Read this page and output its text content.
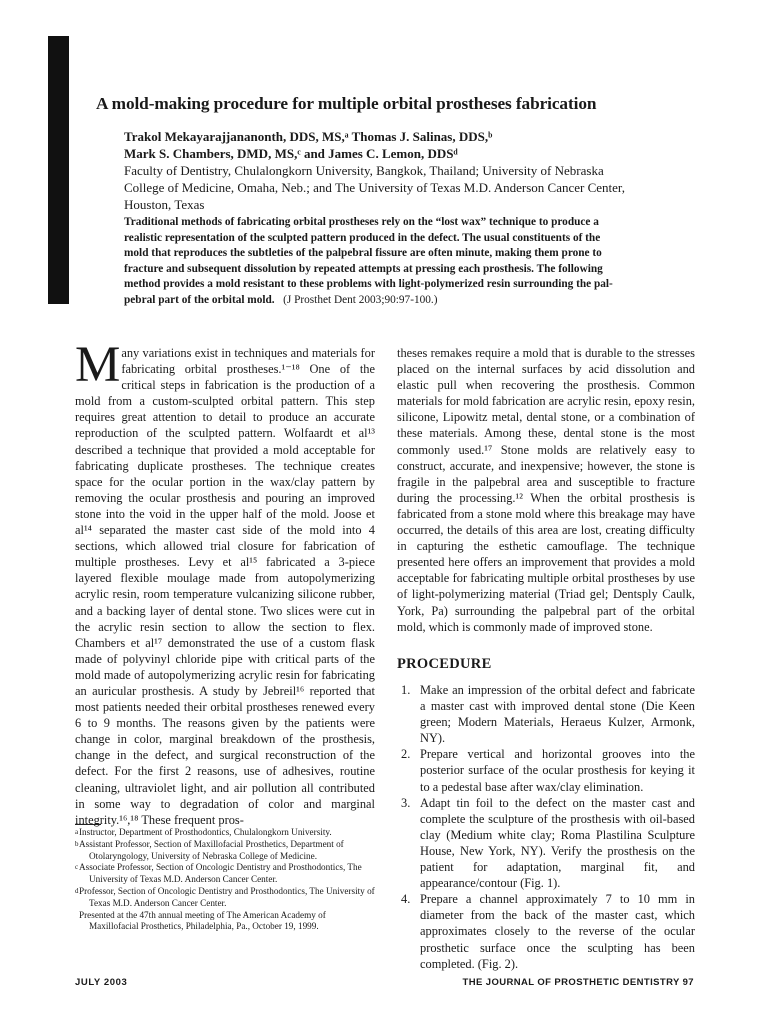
A mold-making procedure for multiple orbital prostheses fabrication
Trakol Mekayarajjananonth, DDS, MS,ᵃ Thomas J. Salinas, DDS,ᵇ
Mark S. Chambers, DMD, MS,ᶜ and James C. Lemon, DDSᵈ
Faculty of Dentistry, Chulalongkorn University, Bangkok, Thailand; University of Nebraska
College of Medicine, Omaha, Neb.; and The University of Texas M.D. Anderson Cancer Center,
Houston, Texas
Traditional methods of fabricating orbital prostheses rely on the “lost wax” technique to produce a
realistic representation of the sculpted pattern produced in the defect. The usual constituents of the
mold that reproduces the subtleties of the palpebral fissure are often minute, making them prone to
fracture and subsequent dissolution by repeated attempts at pressing each prosthesis. The following
method provides a mold resistant to these problems with light-polymerized resin surrounding the pal-
pebral part of the orbital mold. (J Prosthet Dent 2003;90:97-100.)

Many variations exist in techniques and materials for fabricating orbital prostheses.¹⁻¹⁸ One of the critical steps in fabrication is the production of a mold from a custom-sculpted orbital pattern. This step requires great attention to detail to produce an accurate reproduction of the sculpted pattern. Wolfaardt et al¹³ described a technique that provided a mold acceptable for fabricating duplicate prostheses. The technique creates space for the ocular portion in the wax/clay pattern by removing the ocular prosthesis and pouring an improved stone into the void in the upper half of the mold. Joose et al¹⁴ separated the master cast side of the mold into 4 sections, which allowed trial closure for fabrication of multiple prostheses. Levy et al¹⁵ fabricated a 3-piece layered flexible moulage made from autopolymerizing acrylic resin, room temperature vulcanizing silicone rubber, and a backing layer of dental stone. Two slices were cut in the acrylic resin section to allow the section to flex. Chambers et al¹⁷ demonstrated the use of a custom flask made of polyvinyl chloride pipe with critical parts of the mold made of autopolymerizing acrylic resin for fabricating an auricular prosthesis. A study by Jebreil¹⁶ reported that most patients needed their orbital prostheses renewed every 6 to 9 months. The reasons given by the patients were change in color, marginal breakdown of the prosthesis, change in the defect, and surgical reconstruction of the defect. For the first 2 reasons, use of adhesives, routine cleaning, ultraviolet light, and air pollution all contributed in some way to degradation of color and marginal integrity.¹⁶,¹⁸ These frequent pros-

theses remakes require a mold that is durable to the stresses placed on the internal surfaces by acid dissolution and elastic pull when recovering the prosthesis. Common materials for mold fabrication are acrylic resin, epoxy resin, silicone, Lipowitz metal, dental stone, or a combination of these materials. Among these, dental stone is the most commonly used.¹⁷ Stone molds are relatively easy to construct, accurate, and inexpensive; however, the stone is fragile in the palpebral area and susceptible to fracture during the processing.¹² When the orbital prosthesis is fabricated from a stone mold where this breakage may have occurred, the details of this area are lost, creating difficulty in capturing the esthetic camouflage. The technique presented here offers an improvement that provides a mold acceptable for fabricating multiple orbital prostheses by use of light-polymerizing material (Triad gel; Dentsply Caulk, York, Pa) surrounding the palpebral part of the orbital mold, which is commonly made of improved stone.

PROCEDURE
1. Make an impression of the orbital defect and fabricate a master cast with improved dental stone (Die Keen green; Modern Materials, Heraeus Kulzer, Armonk, NY).
2. Prepare vertical and horizontal grooves into the posterior surface of the ocular prosthesis for keying it to a pedestal base after wax/clay elimination.
3. Adapt tin foil to the defect on the master cast and complete the sculpture of the prosthesis with oil-based clay (Medium white clay; Roma Plastilina Sculpture House, New York, NY). Verify the prosthesis on the patient for adaptation, marginal fit, and appearance/contour (Fig. 1).
4. Prepare a channel approximately 7 to 10 mm in diameter from the back of the master cast, which approximates closely to the reverse of the ocular prosthetic surface once the sculpting has been completed. (Fig. 2).
aInstructor, Department of Prosthodontics, Chulalongkorn University.
bAssistant Professor, Section of Maxillofacial Prosthetics, Department of Otolaryngology, University of Nebraska College of Medicine.
cAssociate Professor, Section of Oncologic Dentistry and Prosthodontics, The University of Texas M.D. Anderson Cancer Center.
dProfessor, Section of Oncologic Dentistry and Prosthodontics, The University of Texas M.D. Anderson Cancer Center.
Presented at the 47th annual meeting of The American Academy of Maxillofacial Prosthetics, Philadelphia, Pa., October 19, 1999.
JULY 2003	THE JOURNAL OF PROSTHETIC DENTISTRY 97
